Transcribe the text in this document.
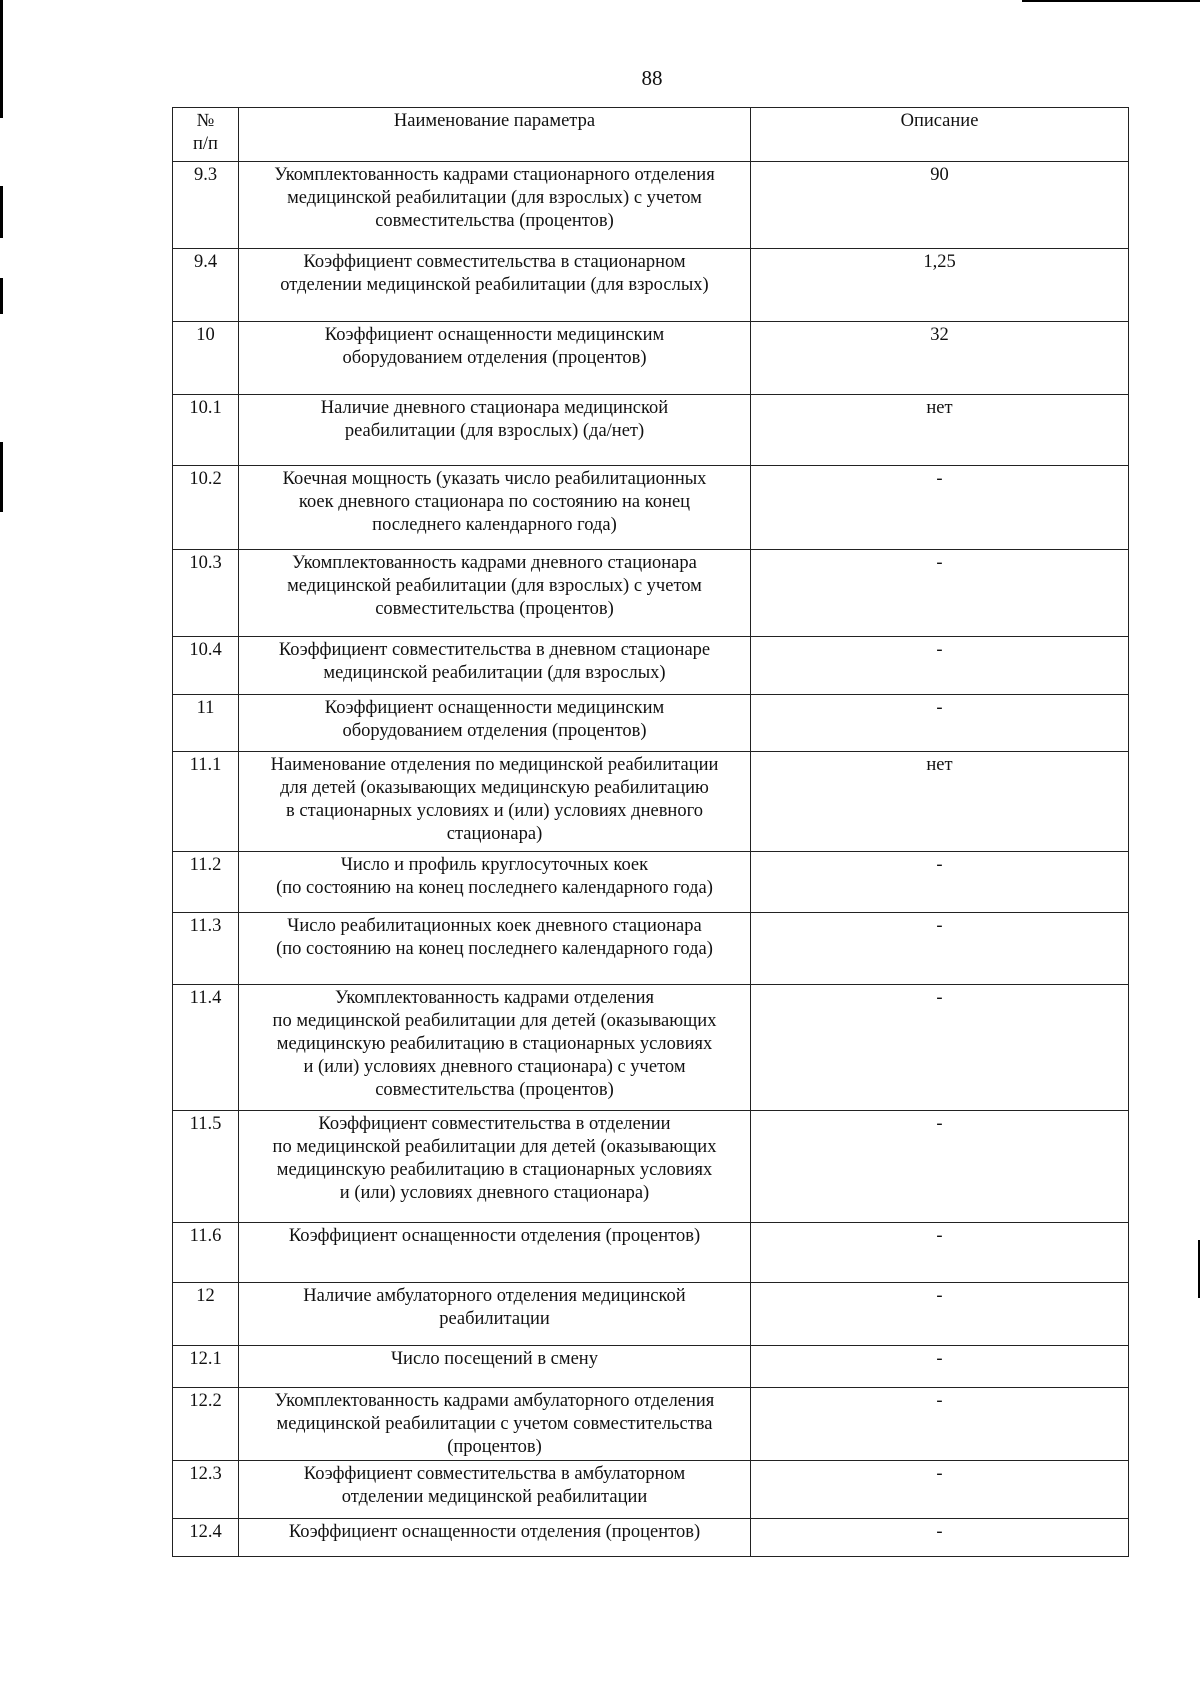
88
№
п/п	Наименование параметра	Описание
9.3	Укомплектованность кадрами стационарного отделения
медицинской реабилитации (для взрослых) с учетом
совместительства (процентов)	90
9.4	Коэффициент совместительства в стационарном
отделении медицинской реабилитации (для взрослых)	1,25
10	Коэффициент оснащенности медицинским
оборудованием отделения (процентов)	32
10.1	Наличие дневного стационара медицинской
реабилитации (для взрослых) (да/нет)	нет
10.2	Коечная мощность (указать число реабилитационных
коек дневного стационара по состоянию на конец
последнего календарного года)	-
10.3	Укомплектованность кадрами дневного стационара
медицинской реабилитации (для взрослых) с учетом
совместительства (процентов)	-
10.4	Коэффициент совместительства в дневном стационаре
медицинской реабилитации (для взрослых)	-
11	Коэффициент оснащенности медицинским
оборудованием отделения (процентов)	-
11.1	Наименование отделения по медицинской реабилитации
для детей (оказывающих медицинскую реабилитацию
в стационарных условиях и (или) условиях дневного
стационара)	нет
11.2	Число и профиль круглосуточных коек
(по состоянию на конец последнего календарного года)	-
11.3	Число реабилитационных коек дневного стационара
(по состоянию на конец последнего календарного года)	-
11.4	Укомплектованность кадрами отделения
по медицинской реабилитации для детей (оказывающих
медицинскую реабилитацию в стационарных условиях
и (или) условиях дневного стационара) с учетом
совместительства (процентов)	-
11.5	Коэффициент совместительства в отделении
по медицинской реабилитации для детей (оказывающих
медицинскую реабилитацию в стационарных условиях
и (или) условиях дневного стационара)	-
11.6	Коэффициент оснащенности отделения (процентов)	-
12	Наличие амбулаторного отделения медицинской
реабилитации	-
12.1	Число посещений в смену	-
12.2	Укомплектованность кадрами амбулаторного отделения
медицинской реабилитации с учетом совместительства
(процентов)	-
12.3	Коэффициент совместительства в амбулаторном
отделении медицинской реабилитации	-
12.4	Коэффициент оснащенности отделения (процентов)	-
